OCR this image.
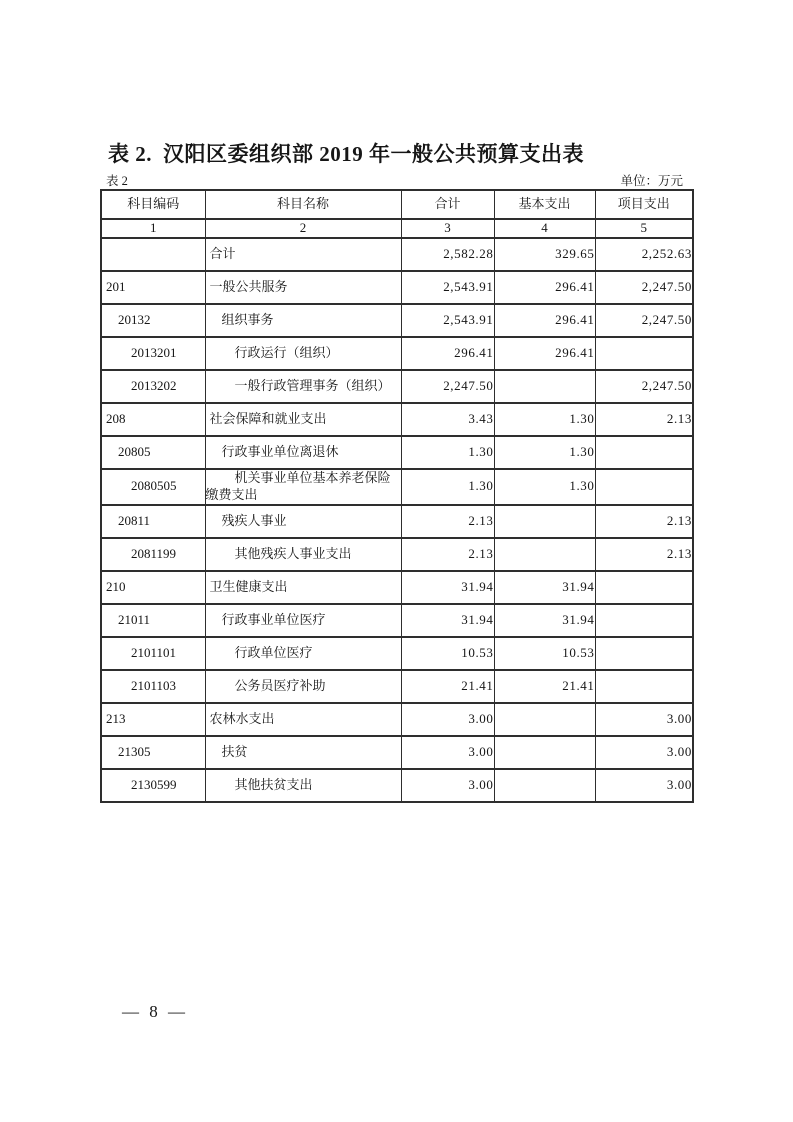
表 2. 汉阳区委组织部 2019 年一般公共预算支出表
表 2	单位：万元
科目编码	科目名称	合计	基本支出	项目支出
1	2	3	4	5
	合计	2,582.28	329.65	2,252.63
201	一般公共服务	2,543.91	296.41	2,247.50
20132	组织事务	2,543.91	296.41	2,247.50
2013201	行政运行（组织）	296.41	296.41	
2013202	一般行政管理事务（组织）	2,247.50		2,247.50
208	社会保障和就业支出	3.43	1.30	2.13
20805	行政事业单位离退休	1.30	1.30	
2080505	机关事业单位基本养老保险缴费支出	1.30	1.30	
20811	残疾人事业	2.13		2.13
2081199	其他残疾人事业支出	2.13		2.13
210	卫生健康支出	31.94	31.94	
21011	行政事业单位医疗	31.94	31.94	
2101101	行政单位医疗	10.53	10.53	
2101103	公务员医疗补助	21.41	21.41	
213	农林水支出	3.00		3.00
21305	扶贫	3.00		3.00
2130599	其他扶贫支出	3.00		3.00
— 8 —
